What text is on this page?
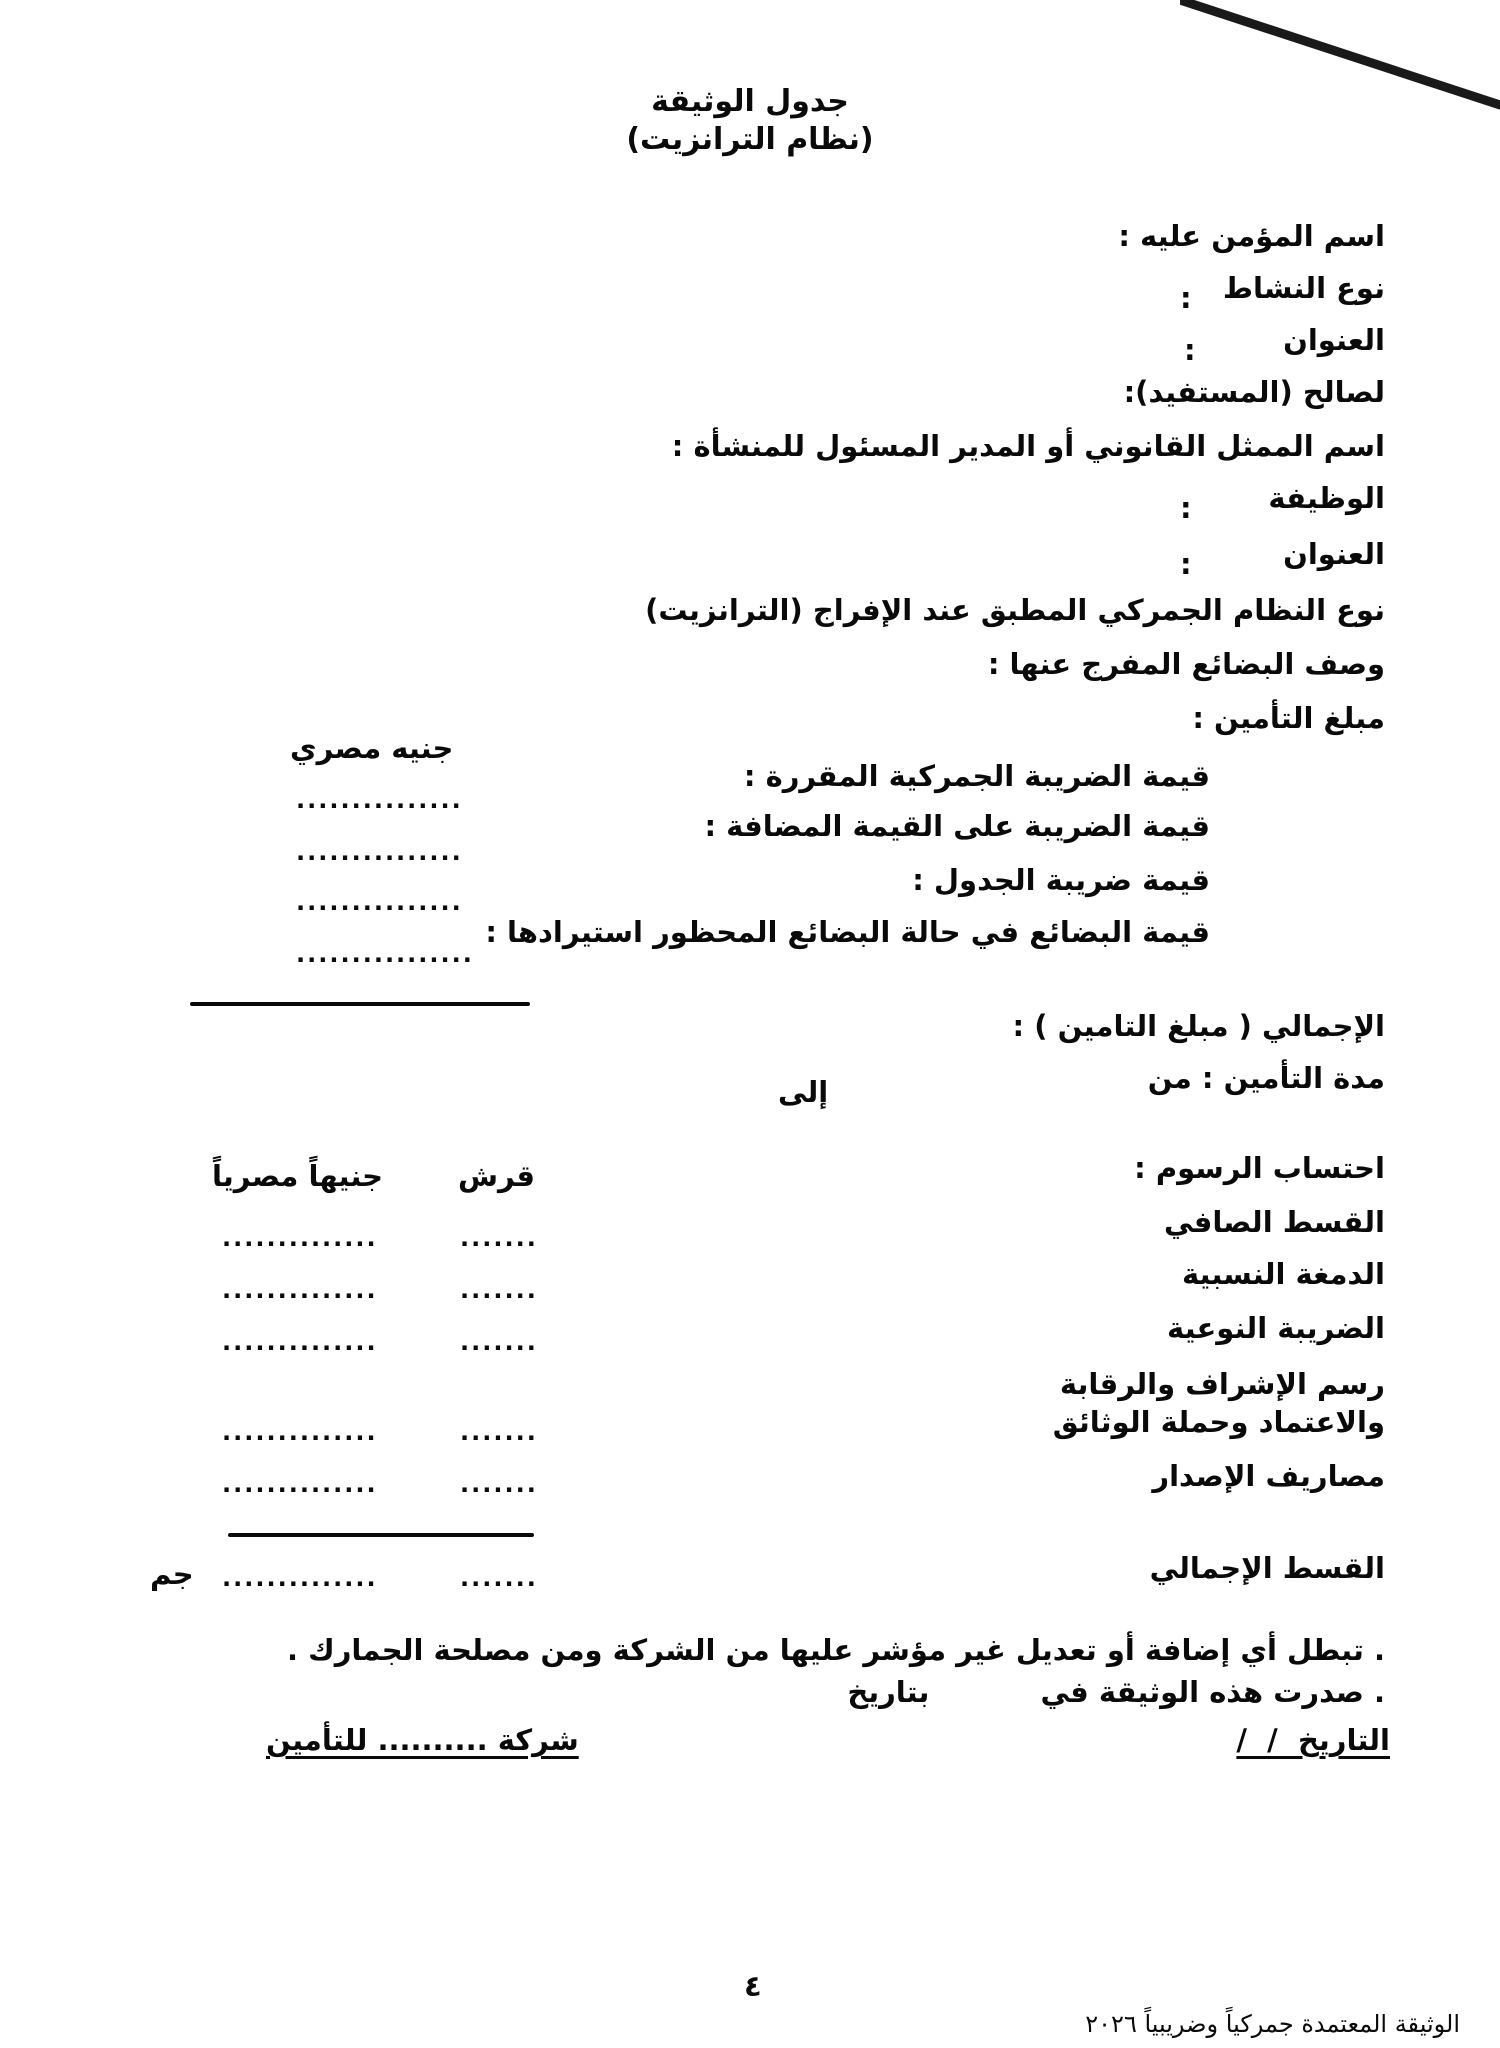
جدول الوثيقة
(نظام الترانزيت)
اسم المؤمن عليه :
نوع النشاط
:
العنوان
:
لصالح (المستفيد):
اسم الممثل القانوني أو المدير المسئول للمنشأة :
الوظيفة
:
العنوان
:
نوع النظام الجمركي المطبق عند الإفراج (الترانزيت)
وصف البضائع المفرج عنها :
مبلغ التأمين :
جنيه مصري
قيمة الضريبة الجمركية المقررة :
...............
قيمة الضريبة على القيمة المضافة :
...............
قيمة ضريبة الجدول :
...............
قيمة البضائع في حالة البضائع المحظور استيرادها :
................
الإجمالي ( مبلغ التامين ) :
مدة التأمين : من
إلى
احتساب الرسوم :
قرش
جنيهاً مصرياً
القسط الصافي
.......
..............
الدمغة النسبية
.......
..............
الضريبة النوعية
.......
..............
رسم الإشراف والرقابة
والاعتماد وحملة الوثائق
.......
..............
مصاريف الإصدار
.......
..............
القسط الإجمالي
.......
..............
جم
. تبطل أي إضافة أو تعديل غير مؤشر عليها من الشركة ومن مصلحة الجمارك .
. صدرت هذه الوثيقة في           بتاريخ
التاريخ  /  /
شركة .......... للتأمين
٤
الوثيقة المعتمدة جمركياً وضريبياً ٢٠٢٦
